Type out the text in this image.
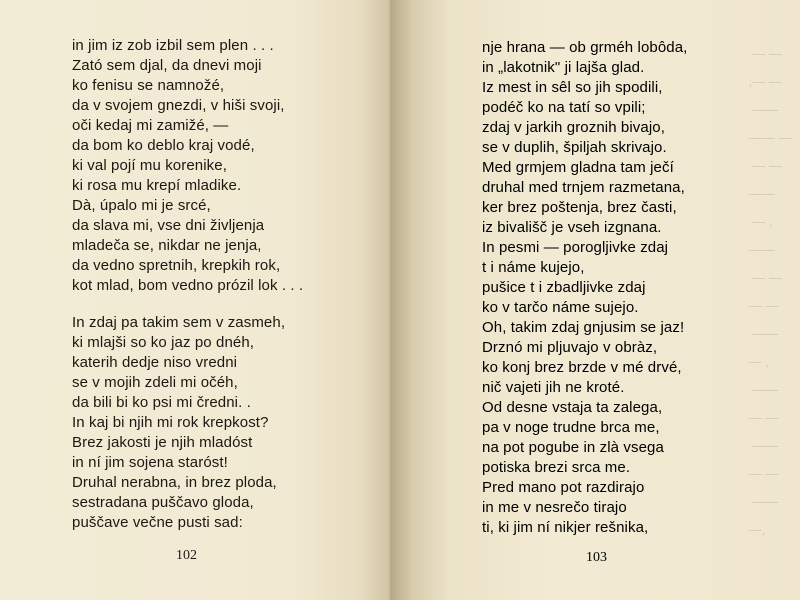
in jim iz zob izbil sem plen . . .
Zató sem djal, da dnevi moji
ko fenisu se namnožé,
da v svojem gnezdi, v hiši svoji,
oči kedaj mi zamižé, —
da bom ko deblo kraj vodé,
ki val pojí mu korenike,
ki rosa mu krepí mladike.
Dà, úpalo mi je srcé,
da slava mi, vse dni življenja
mladeča se, nikdar ne jenja,
da vedno spretnih, krepkih rok,
kot mlad, bom vedno prózil lok . . .
In zdaj pa takim sem v zasmeh,
ki mlajši so ko jaz po dnéh,
katerih dedje niso vredni
se v mojih zdeli mi očéh,
da bili bi ko psi mi čredni. .
In kaj bi njih mi rok krepkost?
Brez jakosti je njih mladóst
in ní jim sojena staróst!
Druhal nerabna, in brez ploda,
sestradana puščavo gloda,
puščave večne pusti sad:
102
nje hrana — ob grméh lobôda,
in „lakotnik" ji lajša glad.
Iz mest in sêl so jih spodili,
podéč ko na tatí so vpili;
zdaj v jarkih groznih bivajo,
se v duplih, špiljah skrivajo.
Med grmjem gladna tam ječí
druhal med trnjem razmetana,
ker brez poštenja, brez časti,
iz bivališč je vseh izgnana.
In pesmi — porogljivke zdaj
t i náme kujejo,
pušice t i zbadljivke zdaj
ko v tarčo náme sujejo.
Oh, takim zdaj gnjusim se jaz!
Drznó mi pljuvajo v obràz,
ko konj brez brzde v mé drvé,
nič vajeti jih ne kroté.
Od desne vstaja ta zalega,
pa v noge trudne brca me,
na pot pogube in zlà vsega
potiska brezi srca me.
Pred mano pot razdirajo
in me v nesrečo tirajo
ti, ki jim ní nikjer rešnika,
103
— —
,— —
——
—— —
— —
——
— ,
——
— —
— —
——
— ,
——
— —
——
— —
——
—,
